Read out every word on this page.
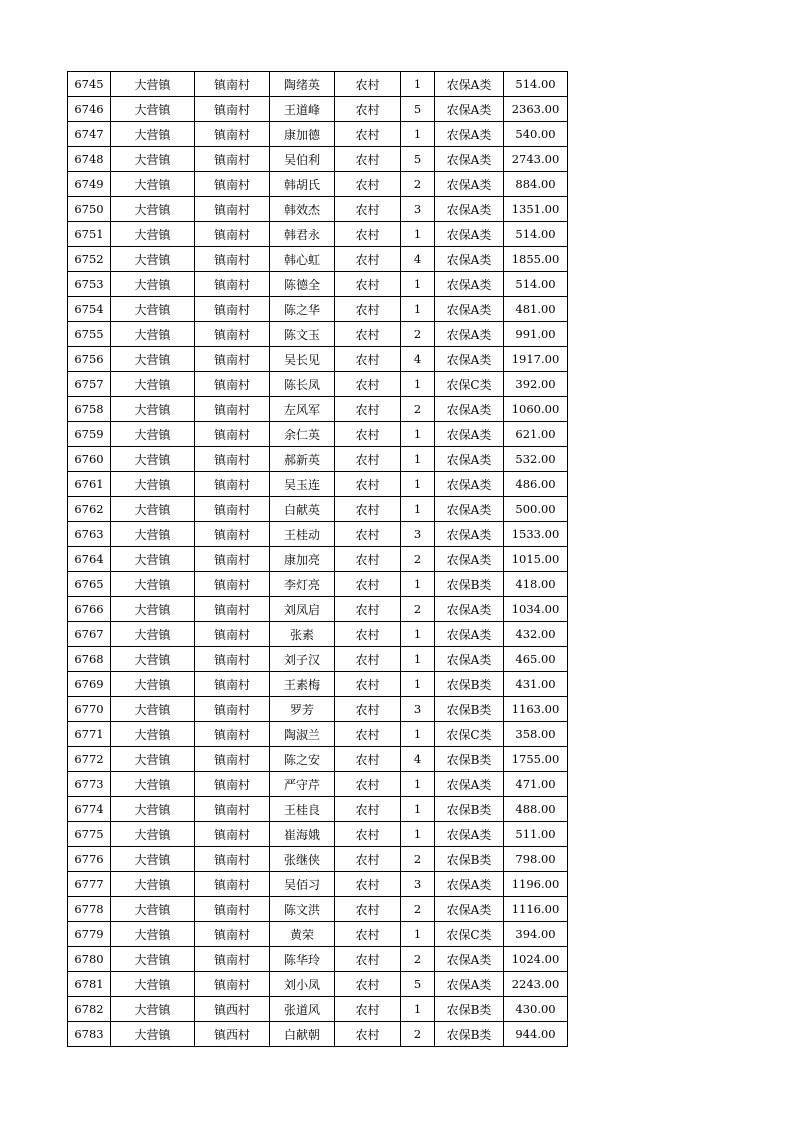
6745	大营镇	镇南村	陶绪英	农村	1	农保A类	514.00
6746	大营镇	镇南村	王道峰	农村	5	农保A类	2363.00
6747	大营镇	镇南村	康加德	农村	1	农保A类	540.00
6748	大营镇	镇南村	吴伯利	农村	5	农保A类	2743.00
6749	大营镇	镇南村	韩胡氏	农村	2	农保A类	884.00
6750	大营镇	镇南村	韩效杰	农村	3	农保A类	1351.00
6751	大营镇	镇南村	韩君永	农村	1	农保A类	514.00
6752	大营镇	镇南村	韩心虹	农村	4	农保A类	1855.00
6753	大营镇	镇南村	陈德全	农村	1	农保A类	514.00
6754	大营镇	镇南村	陈之华	农村	1	农保A类	481.00
6755	大营镇	镇南村	陈文玉	农村	2	农保A类	991.00
6756	大营镇	镇南村	吴长见	农村	4	农保A类	1917.00
6757	大营镇	镇南村	陈长凤	农村	1	农保C类	392.00
6758	大营镇	镇南村	左风军	农村	2	农保A类	1060.00
6759	大营镇	镇南村	余仁英	农村	1	农保A类	621.00
6760	大营镇	镇南村	郝新英	农村	1	农保A类	532.00
6761	大营镇	镇南村	吴玉连	农村	1	农保A类	486.00
6762	大营镇	镇南村	白献英	农村	1	农保A类	500.00
6763	大营镇	镇南村	王桂动	农村	3	农保A类	1533.00
6764	大营镇	镇南村	康加亮	农村	2	农保A类	1015.00
6765	大营镇	镇南村	李灯亮	农村	1	农保B类	418.00
6766	大营镇	镇南村	刘凤启	农村	2	农保A类	1034.00
6767	大营镇	镇南村	张素	农村	1	农保A类	432.00
6768	大营镇	镇南村	刘子汉	农村	1	农保A类	465.00
6769	大营镇	镇南村	王素梅	农村	1	农保B类	431.00
6770	大营镇	镇南村	罗芳	农村	3	农保B类	1163.00
6771	大营镇	镇南村	陶淑兰	农村	1	农保C类	358.00
6772	大营镇	镇南村	陈之安	农村	4	农保B类	1755.00
6773	大营镇	镇南村	严守芹	农村	1	农保A类	471.00
6774	大营镇	镇南村	王桂良	农村	1	农保B类	488.00
6775	大营镇	镇南村	崔海娥	农村	1	农保A类	511.00
6776	大营镇	镇南村	张继侠	农村	2	农保B类	798.00
6777	大营镇	镇南村	吴佰习	农村	3	农保A类	1196.00
6778	大营镇	镇南村	陈文洪	农村	2	农保A类	1116.00
6779	大营镇	镇南村	黄荣	农村	1	农保C类	394.00
6780	大营镇	镇南村	陈华玲	农村	2	农保A类	1024.00
6781	大营镇	镇南村	刘小凤	农村	5	农保A类	2243.00
6782	大营镇	镇西村	张道风	农村	1	农保B类	430.00
6783	大营镇	镇西村	白献朝	农村	2	农保B类	944.00
